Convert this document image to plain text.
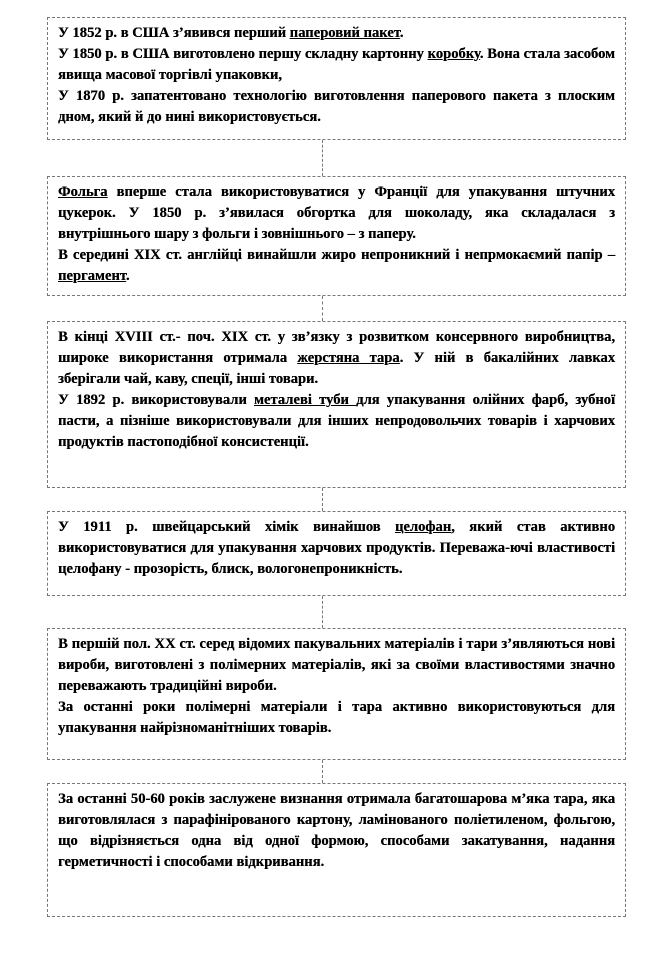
У 1852 р. в США з’явився перший паперовий пакет.

У 1850 р. в США виготовлено першу складну картонну коробку. Вона стала засобом явища масової торгівлі упаковки,

У 1870 р. запатентовано технологію виготовлення паперового пакета з плоским дном, який й до нині використовується.

Фольга вперше стала використовуватися у Франції для упакування штучних цукерок. У 1850 р. з’явилася обгортка для шоколаду, яка складалася з внутрішнього шару з фольги і зовнішнього – з паперу.

В середині XIX ст. англійці винайшли жиро непроникний і непрмокаємий папір – пергамент.

В кінці XVIII ст.- поч. XIX ст. у зв’язку з розвитком консервного виробництва, широке використання отримала жерстяна тара. У ній в бакалійних лавках зберігали чай, каву, спеції, інші товари.

У 1892 р. використовували металеві туби для упакування олійних фарб, зубної пасти, а пізніше використовували для інших непродовольчих товарів і харчових продуктів пастоподібної консистенції.

У 1911 р. швейцарський хімік винайшов целофан, який став активно використовуватися для упакування харчових продуктів. Переважа-ючі властивості целофану - прозорість, блиск, вологонепроникність.

В першій пол. XX ст. серед відомих пакувальних матеріалів і тари з’являються нові вироби, виготовлені з полімерних матеріалів, які за своїми властивостями значно переважають традиційні вироби.

За останні роки полімерні матеріали і тара активно використовуються для упакування найрізноманітніших товарів.

За останні 50-60 років заслужене визнання отримала багатошарова м’яка тара, яка виготовлялася з парафінірованого картону, ламінованого поліетиленом, фольгою, що відрізняється одна від одної формою, способами закатування, надання герметичності і способами відкривання.
